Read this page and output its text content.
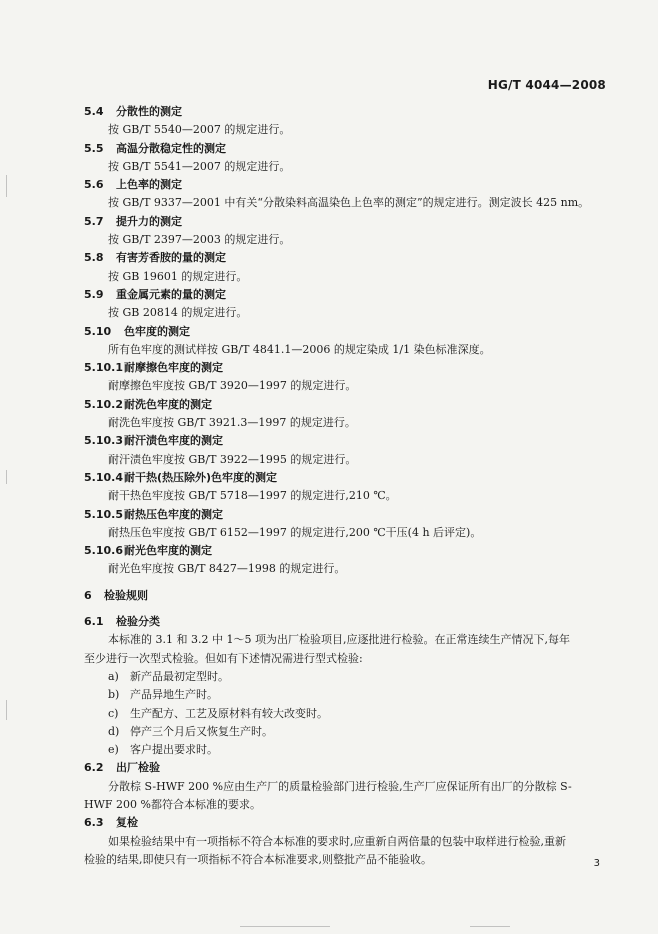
HG/T 4044—2008
5.4 分散性的测定
按 GB/T 5540—2007 的规定进行。
5.5 高温分散稳定性的测定
按 GB/T 5541—2007 的规定进行。
5.6 上色率的测定
按 GB/T 9337—2001 中有关“分散染料高温染色上色率的测定”的规定进行。测定波长 425 nm。
5.7 提升力的测定
按 GB/T 2397—2003 的规定进行。
5.8 有害芳香胺的量的测定
按 GB 19601 的规定进行。
5.9 重金属元素的量的测定
按 GB 20814 的规定进行。
5.10 色牢度的测定
所有色牢度的测试样按 GB/T 4841.1—2006 的规定染成 1/1 染色标准深度。
5.10.1耐摩擦色牢度的测定
耐摩擦色牢度按 GB/T 3920—1997 的规定进行。
5.10.2耐洗色牢度的测定
耐洗色牢度按 GB/T 3921.3—1997 的规定进行。
5.10.3耐汗渍色牢度的测定
耐汗渍色牢度按 GB/T 3922—1995 的规定进行。
5.10.4耐干热(热压除外)色牢度的测定
耐干热色牢度按 GB/T 5718—1997 的规定进行,210 ℃。
5.10.5耐热压色牢度的测定
耐热压色牢度按 GB/T 6152—1997 的规定进行,200 ℃干压(4 h 后评定)。
5.10.6耐光色牢度的测定
耐光色牢度按 GB/T 8427—1998 的规定进行。
6 检验规则
6.1 检验分类
本标准的 3.1 和 3.2 中 1～5 项为出厂检验项目,应逐批进行检验。在正常连续生产情况下,每年
至少进行一次型式检验。但如有下述情况需进行型式检验:
a) 新产品最初定型时。
b) 产品异地生产时。
c) 生产配方、工艺及原材料有较大改变时。
d) 停产三个月后又恢复生产时。
e) 客户提出要求时。
6.2 出厂检验
分散棕 S-HWF 200 %应由生产厂的质量检验部门进行检验,生产厂应保证所有出厂的分散棕 S-
HWF 200 %都符合本标准的要求。
6.3 复检
如果检验结果中有一项指标不符合本标准的要求时,应重新自两倍量的包装中取样进行检验,重新
检验的结果,即使只有一项指标不符合本标准要求,则整批产品不能验收。	3
